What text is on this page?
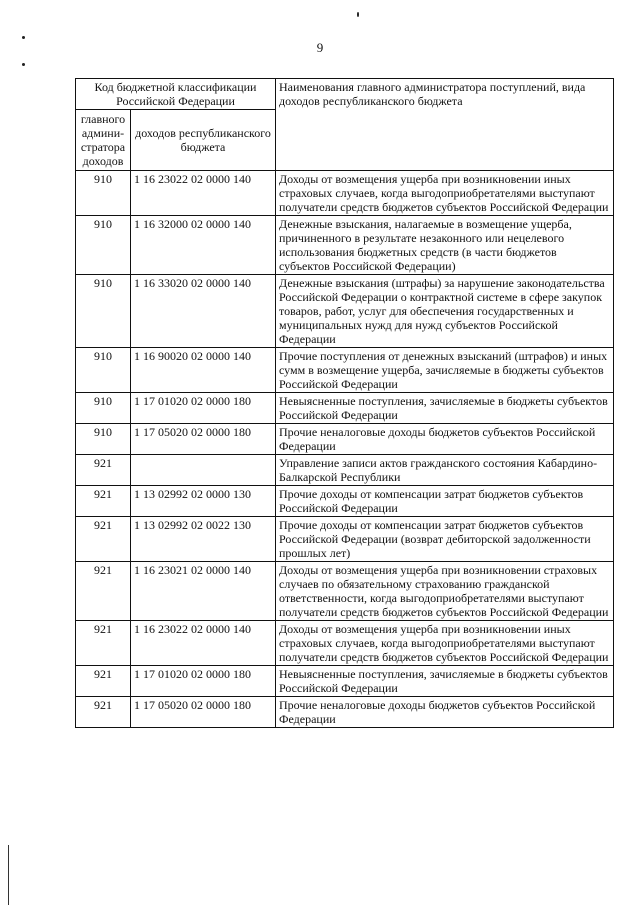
9
Код бюджетной классификации Российской Федерации		Наименования главного администратора поступлений, вида доходов республиканского бюджета
главного админи-стратора доходов	доходов республиканского бюджета	
910	1 16 23022 02 0000 140	Доходы от возмещения ущерба при возникновении иных страховых случаев, когда выгодоприобретателями выступают получатели средств бюджетов субъектов Российской Федерации
910	1 16 32000 02 0000 140	Денежные взыскания, налагаемые в возмещение ущерба, причиненного в результате незаконного или нецелевого использования бюджетных средств (в части бюджетов субъектов Российской Федерации)
910	1 16 33020 02 0000 140	Денежные взыскания (штрафы) за нарушение законодательства Российской Федерации о контрактной системе в сфере закупок товаров, работ, услуг для обеспечения государственных и муниципальных нужд для нужд субъектов Российской Федерации
910	1 16 90020 02 0000 140	Прочие поступления от денежных взысканий (штрафов) и иных сумм в возмещение ущерба, зачисляемые в бюджеты субъектов Российской Федерации
910	1 17 01020 02 0000 180	Невыясненные поступления, зачисляемые в бюджеты субъектов Российской Федерации
910	1 17 05020 02 0000 180	Прочие неналоговые доходы бюджетов субъектов Российской Федерации
921		Управление записи актов гражданского состояния Кабардино-Балкарской Республики
921	1 13 02992 02 0000 130	Прочие доходы от компенсации затрат бюджетов субъектов Российской Федерации
921	1 13 02992 02 0022 130	Прочие доходы от компенсации затрат бюджетов субъектов Российской Федерации (возврат дебиторской задолженности прошлых лет)
921	1 16 23021 02 0000 140	Доходы от возмещения ущерба при возникновении страховых случаев по обязательному страхованию гражданской ответственности, когда выгодоприобретателями выступают получатели средств бюджетов субъектов Российской Федерации
921	1 16 23022 02 0000 140	Доходы от возмещения ущерба при возникновении иных страховых случаев, когда выгодоприобретателями выступают получатели средств бюджетов субъектов Российской Федерации
921	1 17 01020 02 0000 180	Невыясненные поступления, зачисляемые в бюджеты субъектов Российской Федерации
921	1 17 05020 02 0000 180	Прочие неналоговые доходы бюджетов субъектов Российской Федерации
